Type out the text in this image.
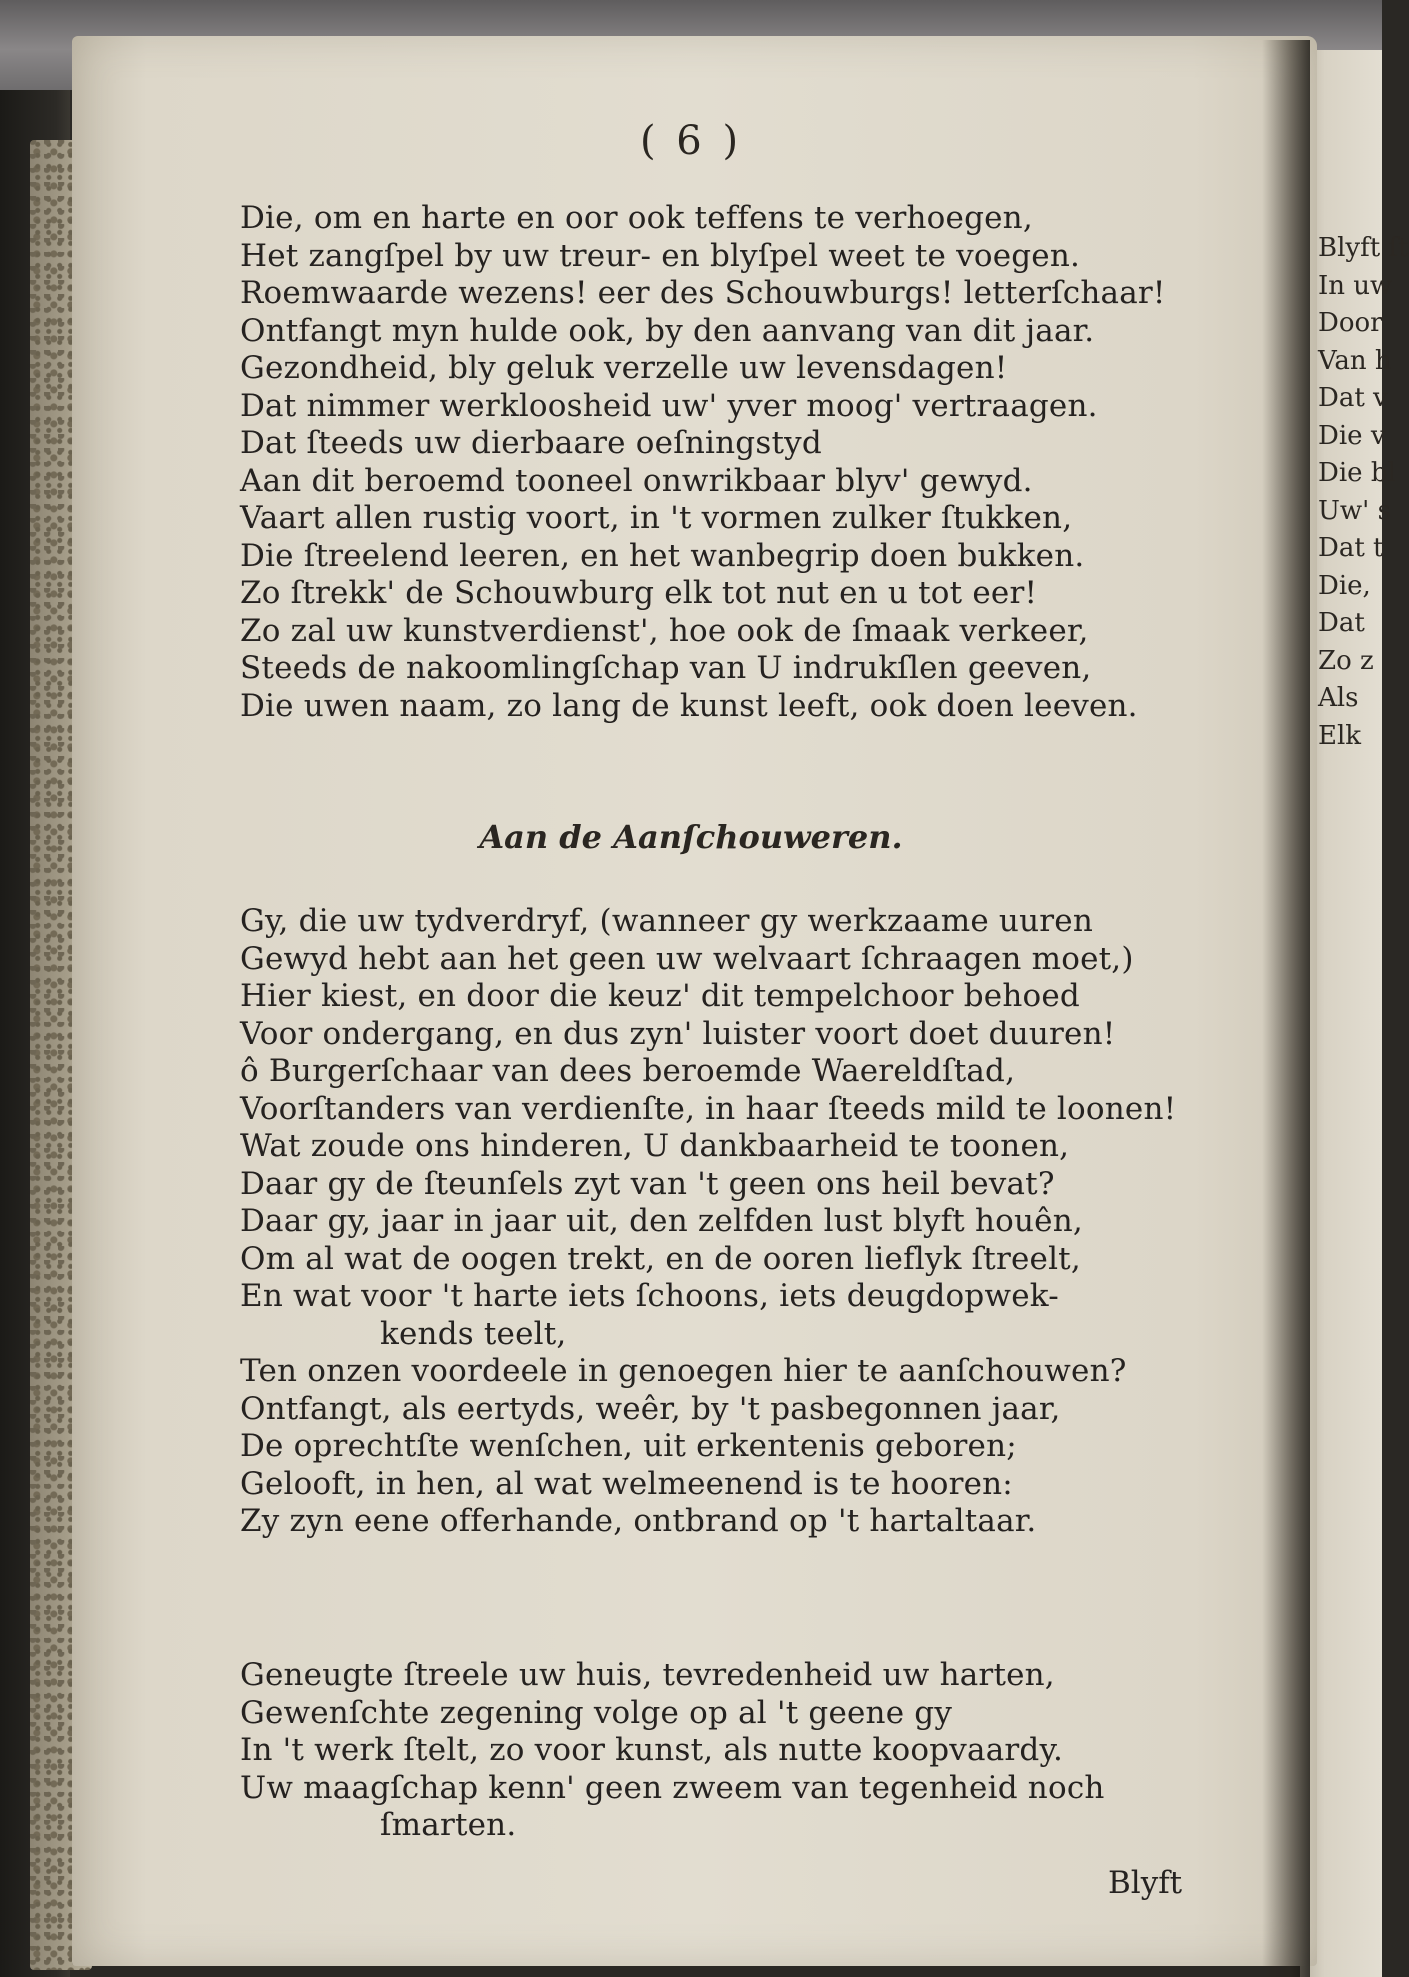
Blyft ſt
In uw
Door
Van h
Dat v
Die v
Die bl
Uw' s
Dat t
Die,
Dat
Zo z
Als
Elk
( 6 )
Die, om en harte en oor ook teffens te verhoegen,
Het zangſpel by uw treur- en blyſpel weet te voegen.
Roemwaarde wezens! eer des Schouwburgs! letterſchaar!
Ontfangt myn hulde ook, by den aanvang van dit jaar.
Gezondheid, bly geluk verzelle uw levensdagen!
Dat nimmer werkloosheid uw' yver moog' vertraagen.
Dat ſteeds uw dierbaare oeſningstyd
Aan dit beroemd tooneel onwrikbaar blyv' gewyd.
Vaart allen rustig voort, in 't vormen zulker ſtukken,
Die ſtreelend leeren, en het wanbegrip doen bukken.
Zo ſtrekk' de Schouwburg elk tot nut en u tot eer!
Zo zal uw kunstverdienst', hoe ook de ſmaak verkeer,
Steeds de nakoomlingſchap van U indrukſlen geeven,
Die uwen naam, zo lang de kunst leeft, ook doen leeven.
Aan de Aanſchouweren.
Gy, die uw tydverdryf, (wanneer gy werkzaame uuren
Gewyd hebt aan het geen uw welvaart ſchraagen moet,)
Hier kiest, en door die keuz' dit tempelchoor behoed
Voor ondergang, en dus zyn' luister voort doet duuren!
ô Burgerſchaar van dees beroemde Waereldſtad,
Voorſtanders van verdienſte, in haar ſteeds mild te loonen!
Wat zoude ons hinderen, U dankbaarheid te toonen,
Daar gy de ſteunſels zyt van 't geen ons heil bevat?
Daar gy, jaar in jaar uit, den zelfden lust blyft houên,
Om al wat de oogen trekt, en de ooren lieflyk ſtreelt,
En wat voor 't harte iets ſchoons, iets deugdopwek-
kends teelt,
Ten onzen voordeele in genoegen hier te aanſchouwen?
Ontfangt, als eertyds, weêr, by 't pasbegonnen jaar,
De oprechtſte wenſchen, uit erkentenis geboren;
Gelooft, in hen, al wat welmeenend is te hooren:
Zy zyn eene offerhande, ontbrand op 't hartaltaar.
Geneugte ſtreele uw huis, tevredenheid uw harten,
Gewenſchte zegening volge op al 't geene gy
In 't werk ſtelt, zo voor kunst, als nutte koopvaardy.
Uw maagſchap kenn' geen zweem van tegenheid noch
ſmarten.
Blyft
